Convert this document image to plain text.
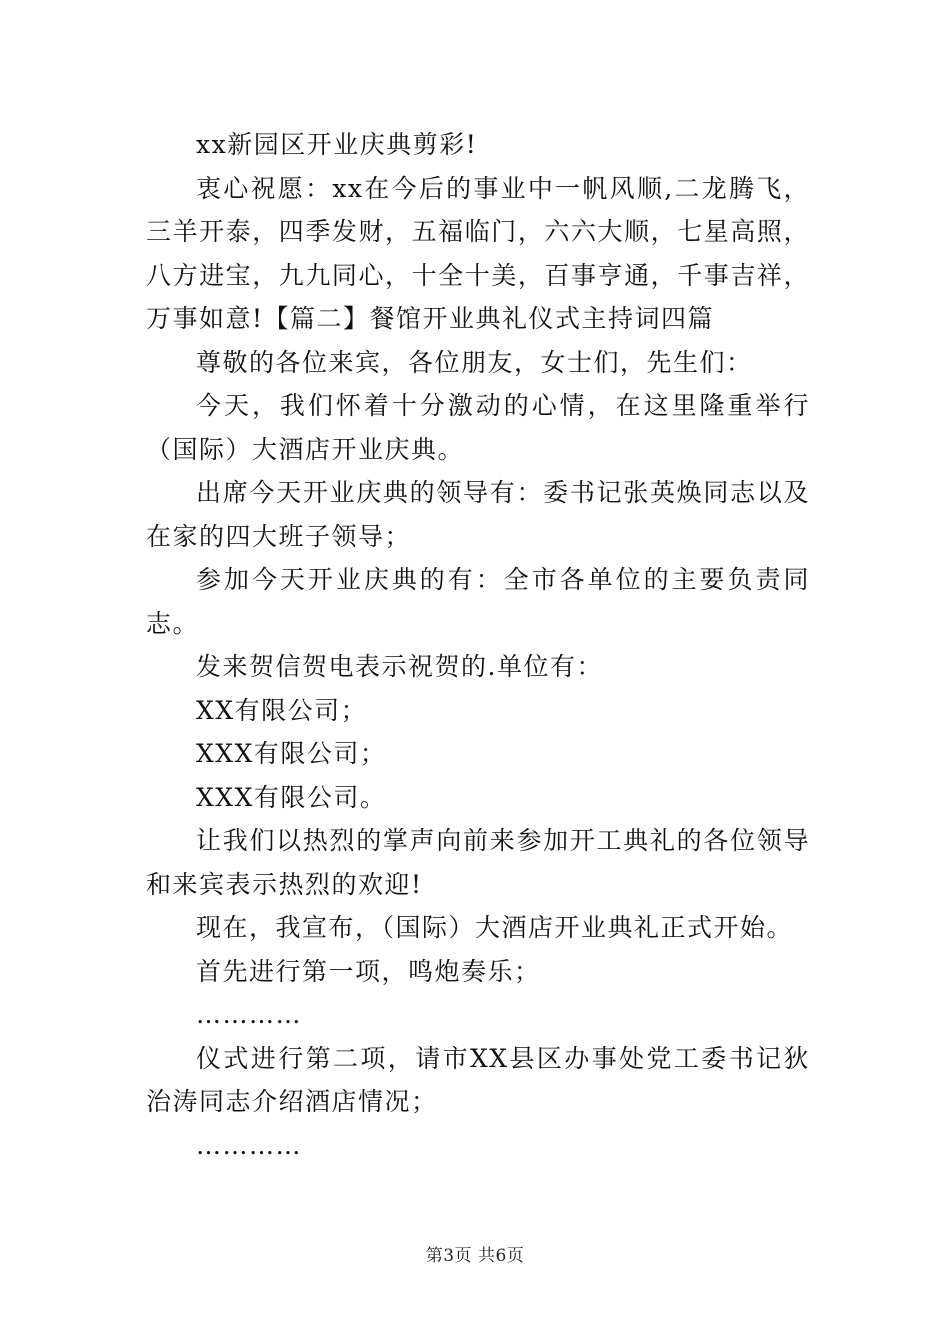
xx新园区开业庆典剪彩!

衷心祝愿：xx在今后的事业中一帆风顺,二龙腾飞，三羊开泰，四季发财，五福临门，六六大顺，七星高照，八方进宝，九九同心，十全十美，百事亨通，千事吉祥，万事如意!【篇二】餐馆开业典礼仪式主持词四篇

尊敬的各位来宾，各位朋友，女士们，先生们：

今天，我们怀着十分激动的心情，在这里隆重举行（国际）大酒店开业庆典。

出席今天开业庆典的领导有：委书记张英焕同志以及在家的四大班子领导；

参加今天开业庆典的有：全市各单位的主要负责同志。

发来贺信贺电表示祝贺的.单位有：

XX有限公司；

XXX有限公司；

XXX有限公司。

让我们以热烈的掌声向前来参加开工典礼的各位领导和来宾表示热烈的欢迎!

现在，我宣布，（国际）大酒店开业典礼正式开始。

首先进行第一项，鸣炮奏乐；

…………

仪式进行第二项，请市XX县区办事处党工委书记狄治涛同志介绍酒店情况；

…………

第3页 共6页
